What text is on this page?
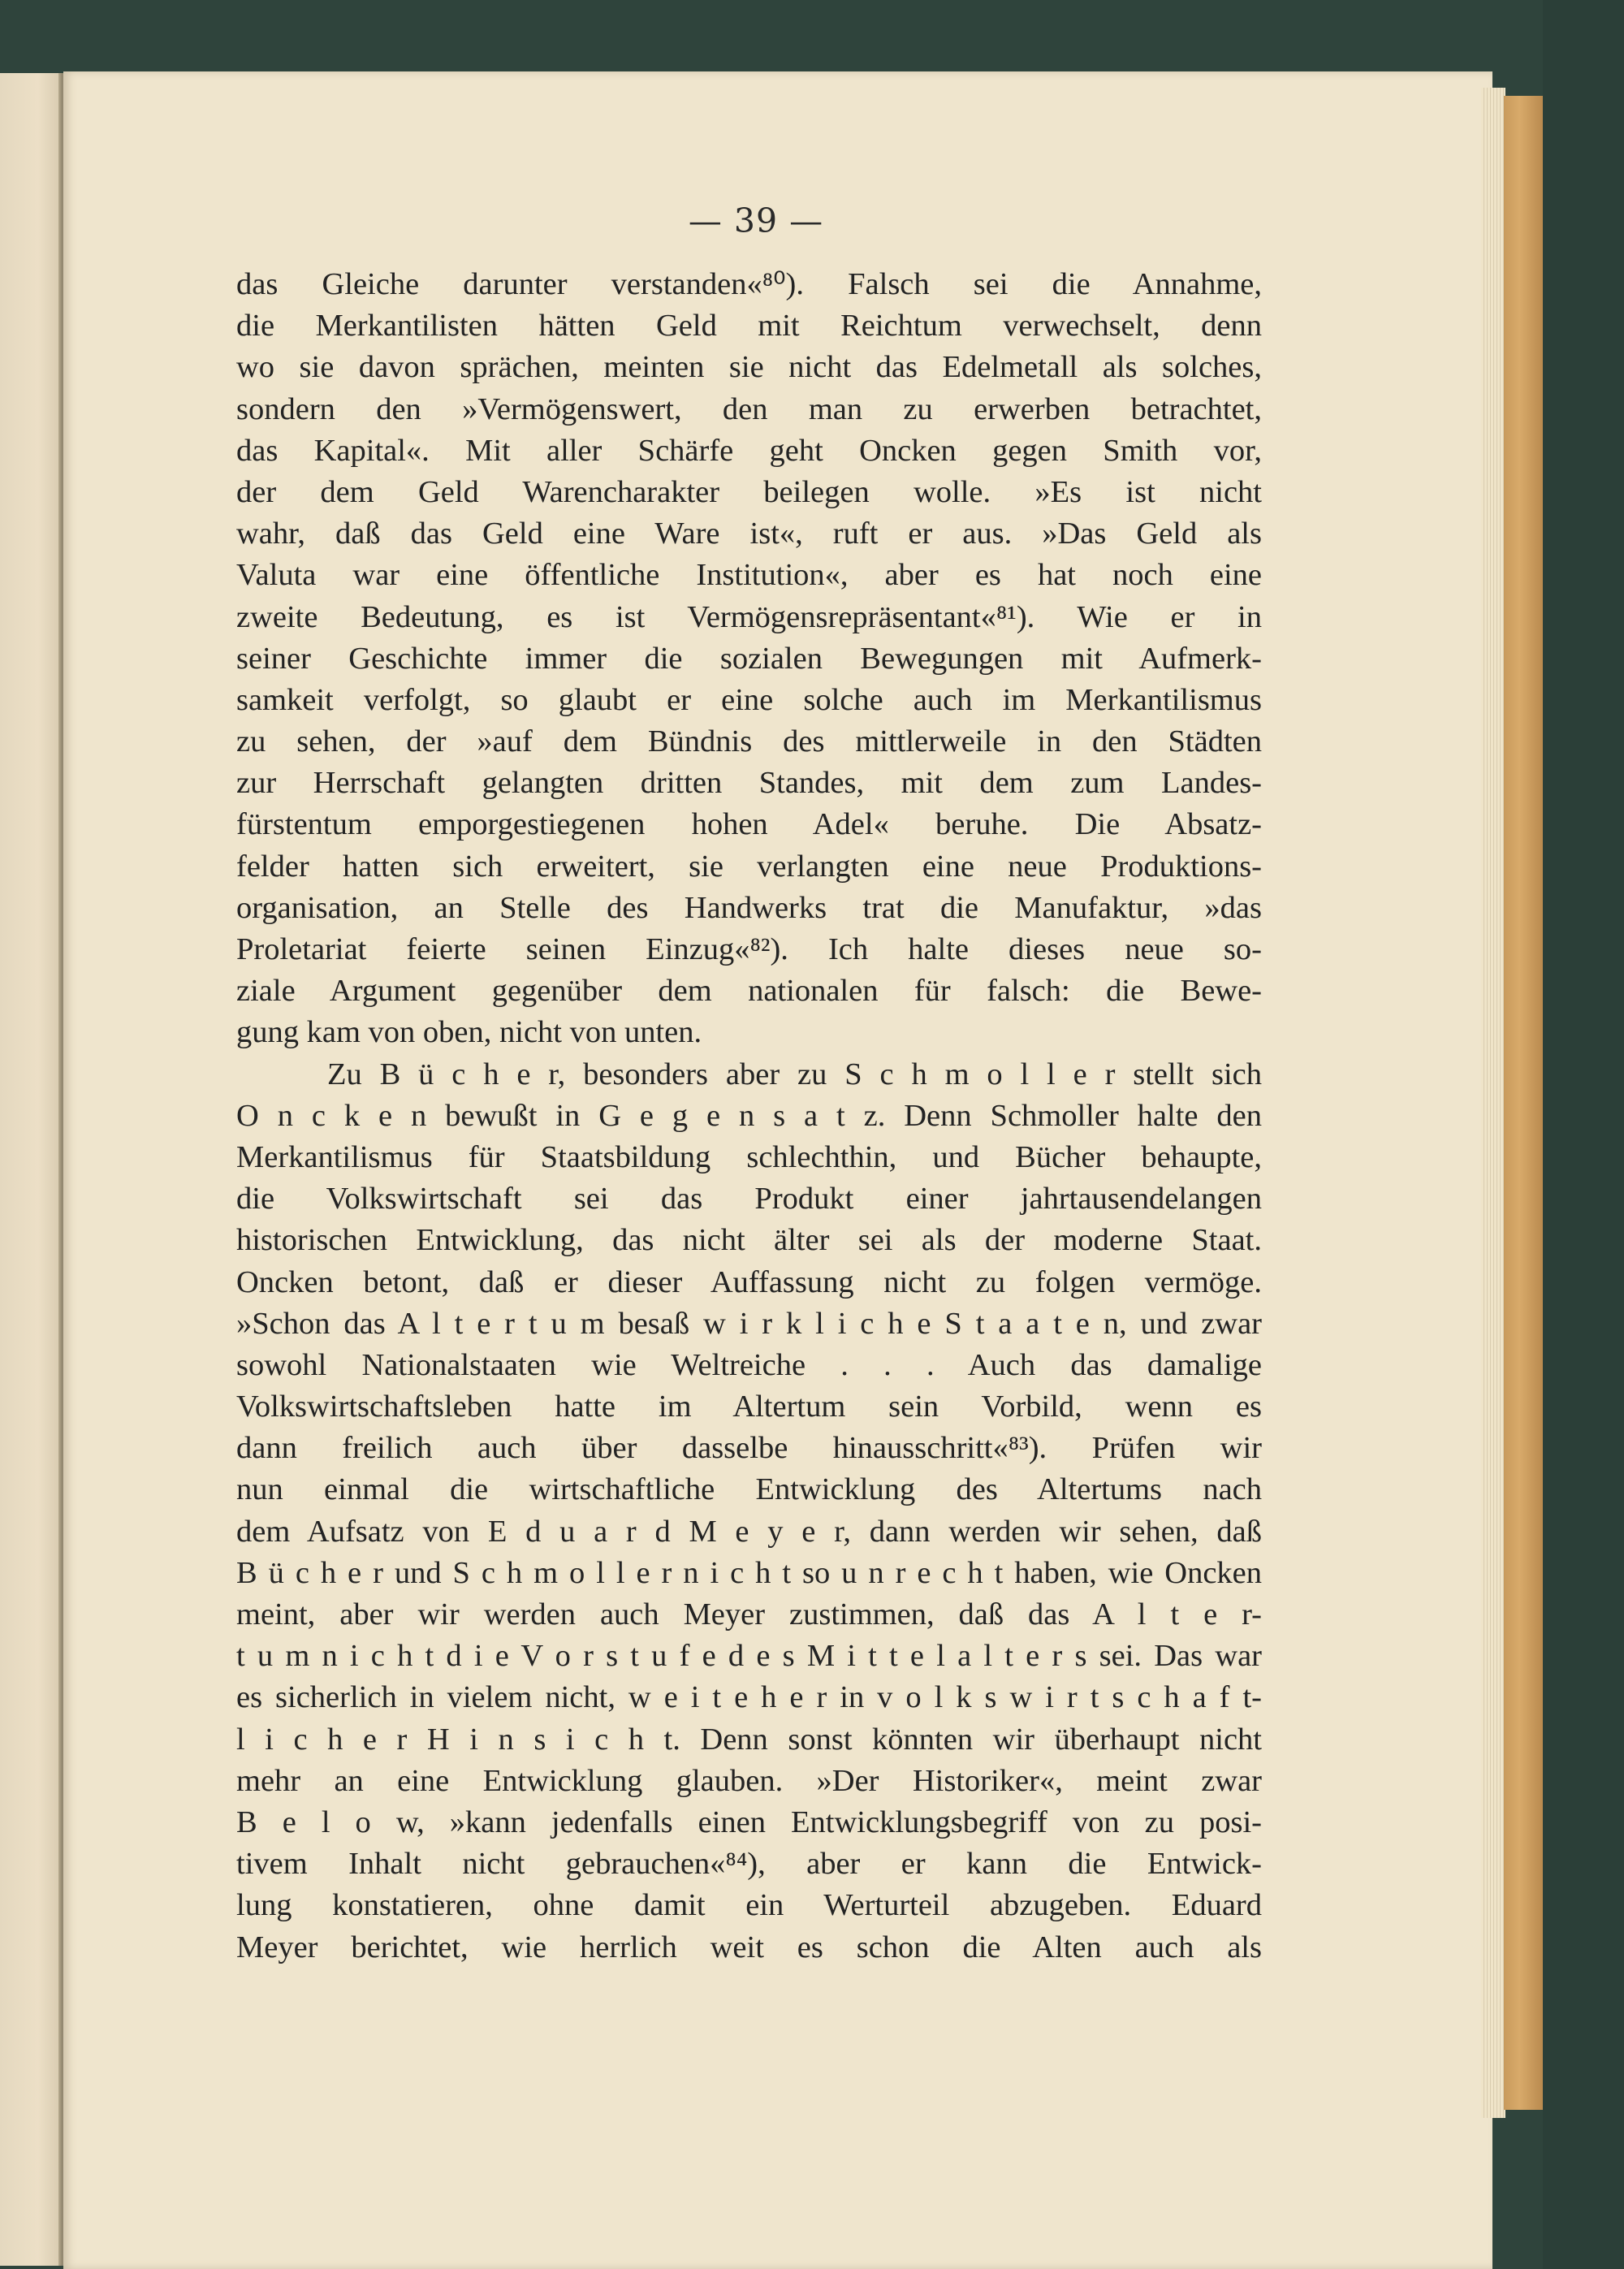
— 39 —
das Gleiche darunter verstanden«⁸⁰). Falsch sei die Annahme,
die Merkantilisten hätten Geld mit Reichtum verwechselt, denn
wo sie davon sprächen, meinten sie nicht das Edelmetall als solches,
sondern den »Vermögenswert, den man zu erwerben betrachtet,
das Kapital«. Mit aller Schärfe geht Oncken gegen Smith vor,
der dem Geld Warencharakter beilegen wolle. »Es ist nicht
wahr, daß das Geld eine Ware ist«, ruft er aus. »Das Geld als
Valuta war eine öffentliche Institution«, aber es hat noch eine
zweite Bedeutung, es ist Vermögensrepräsentant«⁸¹). Wie er in
seiner Geschichte immer die sozialen Bewegungen mit Aufmerk-
samkeit verfolgt, so glaubt er eine solche auch im Merkantilismus
zu sehen, der »auf dem Bündnis des mittlerweile in den Städten
zur Herrschaft gelangten dritten Standes, mit dem zum Landes-
fürstentum emporgestiegenen hohen Adel« beruhe. Die Absatz-
felder hatten sich erweitert, sie verlangten eine neue Produktions-
organisation, an Stelle des Handwerks trat die Manufaktur, »das
Proletariat feierte seinen Einzug«⁸²). Ich halte dieses neue so-
ziale Argument gegenüber dem nationalen für falsch: die Bewe-
gung kam von oben, nicht von unten.
Zu B ü c h e r, besonders aber zu S c h m o l l e r stellt sich
O n c k e n bewußt in G e g e n s a t z. Denn Schmoller halte den
Merkantilismus für Staatsbildung schlechthin, und Bücher behaupte,
die Volkswirtschaft sei das Produkt einer jahrtausendelangen
historischen Entwicklung, das nicht älter sei als der moderne Staat.
Oncken betont, daß er dieser Auffassung nicht zu folgen vermöge.
»Schon das A l t e r t u m besaß w i r k l i c h e S t a a t e n, und zwar
sowohl Nationalstaaten wie Weltreiche . . . Auch das damalige
Volkswirtschaftsleben hatte im Altertum sein Vorbild, wenn es
dann freilich auch über dasselbe hinausschritt«⁸³). Prüfen wir
nun einmal die wirtschaftliche Entwicklung des Altertums nach
dem Aufsatz von E d u a r d M e y e r, dann werden wir sehen, daß
B ü c h e r und S c h m o l l e r n i c h t so u n r e c h t haben, wie Oncken
meint, aber wir werden auch Meyer zustimmen, daß das A l t e r-
t u m n i c h t d i e V o r s t u f e d e s M i t t e l a l t e r s sei. Das war
es sicherlich in vielem nicht, w e i t e h e r in v o l k s w i r t s c h a f t-
l i c h e r H i n s i c h t. Denn sonst könnten wir überhaupt nicht
mehr an eine Entwicklung glauben. »Der Historiker«, meint zwar
B e l o w, »kann jedenfalls einen Entwicklungsbegriff von zu posi-
tivem Inhalt nicht gebrauchen«⁸⁴), aber er kann die Entwick-
lung konstatieren, ohne damit ein Werturteil abzugeben. Eduard
Meyer berichtet, wie herrlich weit es schon die Alten auch als
